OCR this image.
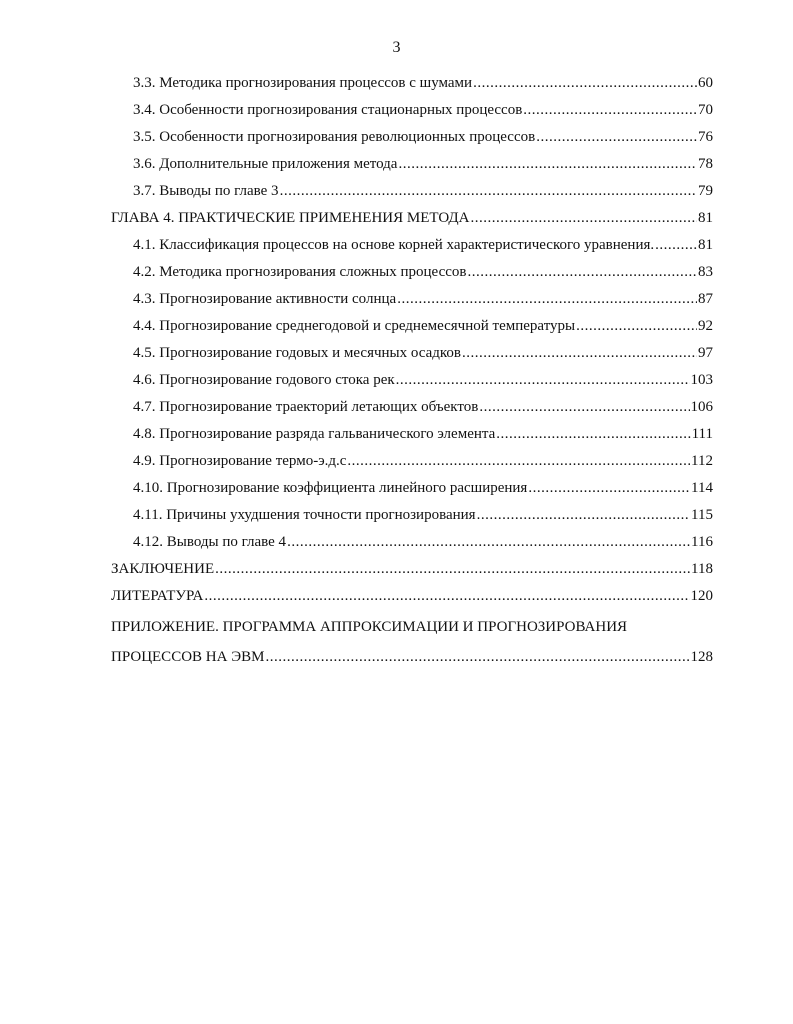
3
3.3. Методика прогнозирования процессов с шумами .....	60
3.4. Особенности прогнозирования стационарных процессов .....	70
3.5. Особенности прогнозирования революционных процессов .....	76
3.6. Дополнительные приложения метода .....	78
3.7. Выводы по главе 3 .....	79
ГЛАВА 4. ПРАКТИЧЕСКИЕ ПРИМЕНЕНИЯ МЕТОДА .....	81
4.1. Классификация процессов на основе корней характеристического уравнения. .....	81
4.2. Методика прогнозирования сложных процессов .....	83
4.3. Прогнозирование активности солнца .....	87
4.4. Прогнозирование среднегодовой и среднемесячной температуры .....	92
4.5. Прогнозирование годовых и месячных осадков .....	97
4.6. Прогнозирование годового стока рек .....	103
4.7. Прогнозирование траекторий летающих объектов .....	106
4.8. Прогнозирование разряда гальванического элемента .....	111
4.9. Прогнозирование термо-э.д.с .....	112
4.10. Прогнозирование коэффициента линейного расширения .....	114
4.11. Причины ухудшения точности прогнозирования .....	115
4.12. Выводы по главе 4 .....	116
ЗАКЛЮЧЕНИЕ .....	118
ЛИТЕРАТУРА .....	120
ПРИЛОЖЕНИЕ. ПРОГРАММА АППРОКСИМАЦИИ И ПРОГНОЗИРОВАНИЯ
ПРОЦЕССОВ НА ЭВМ .....	128
